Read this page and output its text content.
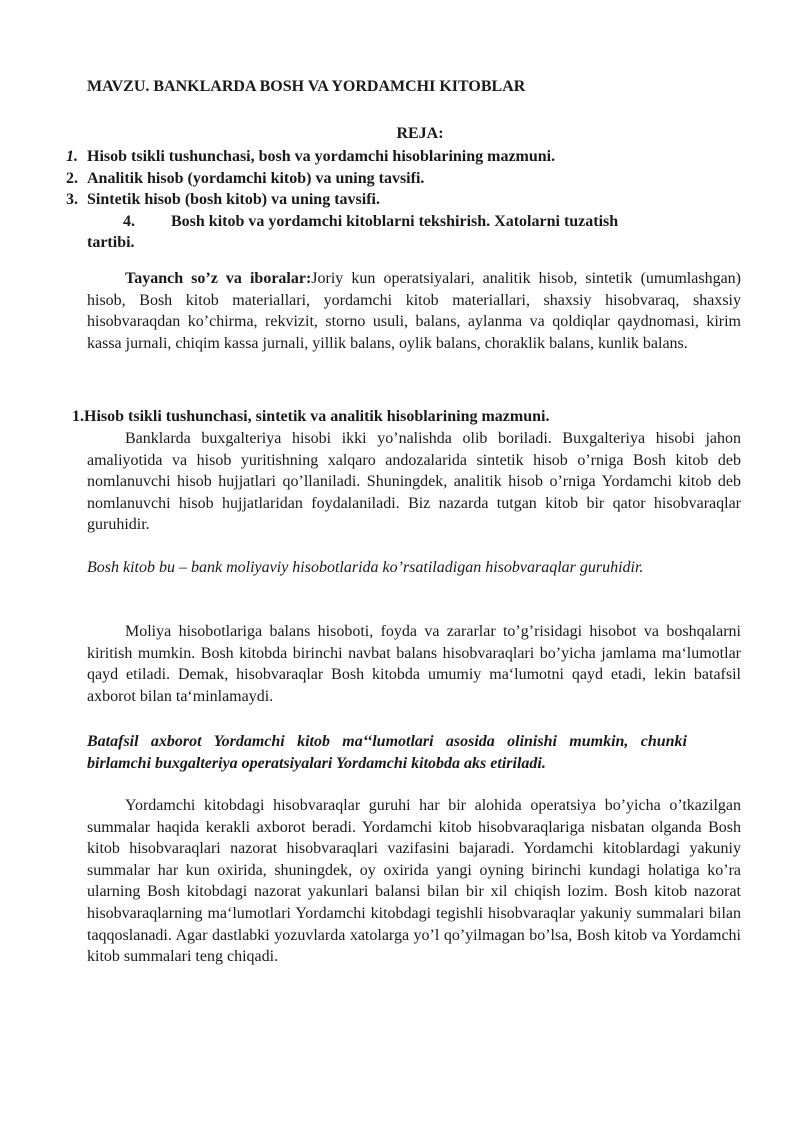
MAVZU. BANKLARDA BOSH VA YORDAMCHI KITOBLAR
REJA:
1. Hisob tsikli tushunchasi, bosh va yordamchi hisoblarining mazmuni.
2. Analitik hisob (yordamchi kitob) va uning tavsifi.
3. Sintetik hisob (bosh kitob) va uning tavsifi.
4. Bosh kitob va yordamchi kitoblarni tekshirish. Xatolarni tuzatish
tartibi.
Tayanch so’z va iboralar:Joriy kun operatsiyalari, analitik hisob, sintetik (umumlashgan) hisob, Bosh kitob materiallari, yordamchi kitob materiallari, shaxsiy hisobvaraq, shaxsiy hisobvaraqdan ko’chirma, rekvizit, storno usuli, balans, aylanma va qoldiqlar qaydnomasi, kirim kassa jurnali, chiqim kassa jurnali, yillik balans, oylik balans, choraklik balans, kunlik balans.
1.Hisob tsikli tushunchasi, sintetik va analitik hisoblarining mazmuni.
Banklarda buxgalteriya hisobi ikki yo’nalishda olib boriladi. Buxgalteriya hisobi jahon amaliyotida va hisob yuritishning xalqaro andozalarida sintetik hisob o’rniga Bosh kitob deb nomlanuvchi hisob hujjatlari qo’llaniladi. Shuningdek, analitik hisob o’rniga Yordamchi kitob deb nomlanuvchi hisob hujjatlaridan foydalaniladi. Biz nazarda tutgan kitob bir qator hisobvaraqlar guruhidir.
Bosh kitob bu – bank moliyaviy hisobotlarida ko’rsatiladigan hisobvaraqlar guruhidir.
Moliya hisobotlariga balans hisoboti, foyda va zararlar to’g’risidagi hisobot va boshqalarni kiritish mumkin. Bosh kitobda birinchi navbat balans hisobvaraqlari bo’yicha jamlama ma‘lumotlar qayd etiladi. Demak, hisobvaraqlar Bosh kitobda umumiy ma‘lumotni qayd etadi, lekin batafsil axborot bilan ta‘minlamaydi.
Batafsil axborot Yordamchi kitob ma‘‘lumotlari asosida olinishi mumkin, chunki birlamchi buxgalteriya operatsiyalari Yordamchi kitobda aks etiriladi.
Yordamchi kitobdagi hisobvaraqlar guruhi har bir alohida operatsiya bo’yicha o’tkazilgan summalar haqida kerakli axborot beradi. Yordamchi kitob hisobvaraqlariga nisbatan olganda Bosh kitob hisobvaraqlari nazorat hisobvaraqlari vazifasini bajaradi. Yordamchi kitoblardagi yakuniy summalar har kun oxirida, shuningdek, oy oxirida yangi oyning birinchi kundagi holatiga ko’ra ularning Bosh kitobdagi nazorat yakunlari balansi bilan bir xil chiqish lozim. Bosh kitob nazorat hisobvaraqlarning ma‘lumotlari Yordamchi kitobdagi tegishli hisobvaraqlar yakuniy summalari bilan taqqoslanadi. Agar dastlabki yozuvlarda xatolarga yo’l qo’yilmagan bo’lsa, Bosh kitob va Yordamchi kitob summalari teng chiqadi.
